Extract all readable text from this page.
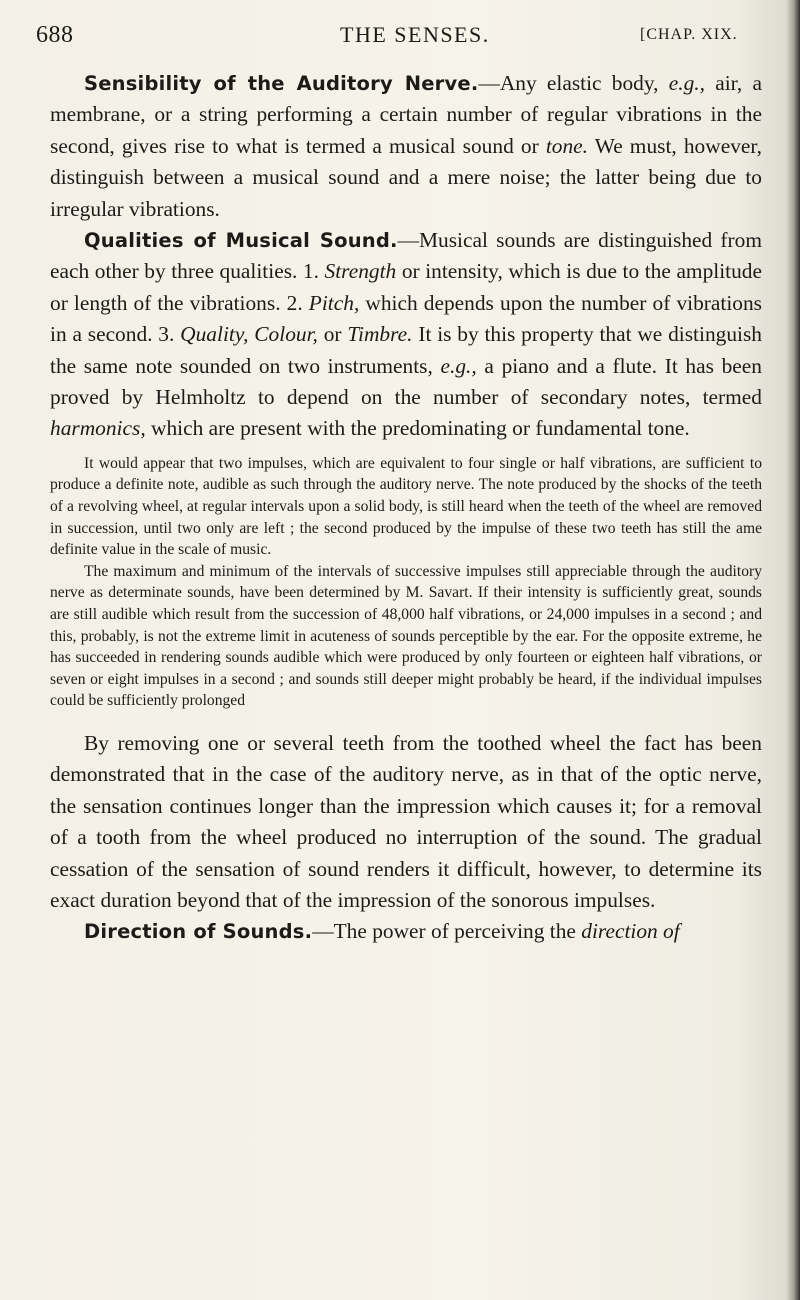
688	THE SENSES.	[CHAP. XIX.

Sensibility of the Auditory Nerve.—Any elastic body, e.g., air, a membrane, or a string performing a certain number of regular vibrations in the second, gives rise to what is termed a musical sound or tone. We must, however, distinguish between a musical sound and a mere noise; the latter being due to irregular vibrations.

Qualities of Musical Sound.—Musical sounds are distinguished from each other by three qualities. 1. Strength or intensity, which is due to the amplitude or length of the vibrations. 2. Pitch, which depends upon the number of vibrations in a second. 3. Quality, Colour, or Timbre. It is by this property that we distinguish the same note sounded on two instruments, e.g., a piano and a flute. It has been proved by Helmholtz to depend on the number of secondary notes, termed harmonics, which are present with the predominating or fundamental tone.

It would appear that two impulses, which are equivalent to four single or half vibrations, are sufficient to produce a definite note, audible as such through the auditory nerve. The note produced by the shocks of the teeth of a revolving wheel, at regular intervals upon a solid body, is still heard when the teeth of the wheel are removed in succession, until two only are left ; the second produced by the impulse of these two teeth has still the ame definite value in the scale of music.

The maximum and minimum of the intervals of successive impulses still appreciable through the auditory nerve as determinate sounds, have been determined by M. Savart. If their intensity is sufficiently great, sounds are still audible which result from the succession of 48,000 half vibrations, or 24,000 impulses in a second ; and this, probably, is not the extreme limit in acuteness of sounds perceptible by the ear. For the opposite extreme, he has succeeded in rendering sounds audible which were produced by only fourteen or eighteen half vibrations, or seven or eight impulses in a second ; and sounds still deeper might probably be heard, if the individual impulses could be sufficiently prolonged

By removing one or several teeth from the toothed wheel the fact has been demonstrated that in the case of the auditory nerve, as in that of the optic nerve, the sensation continues longer than the impression which causes it; for a removal of a tooth from the wheel produced no interruption of the sound. The gradual cessation of the sensation of sound renders it difficult, however, to determine its exact duration beyond that of the impression of the sonorous impulses.

Direction of Sounds.—The power of perceiving the direction of
